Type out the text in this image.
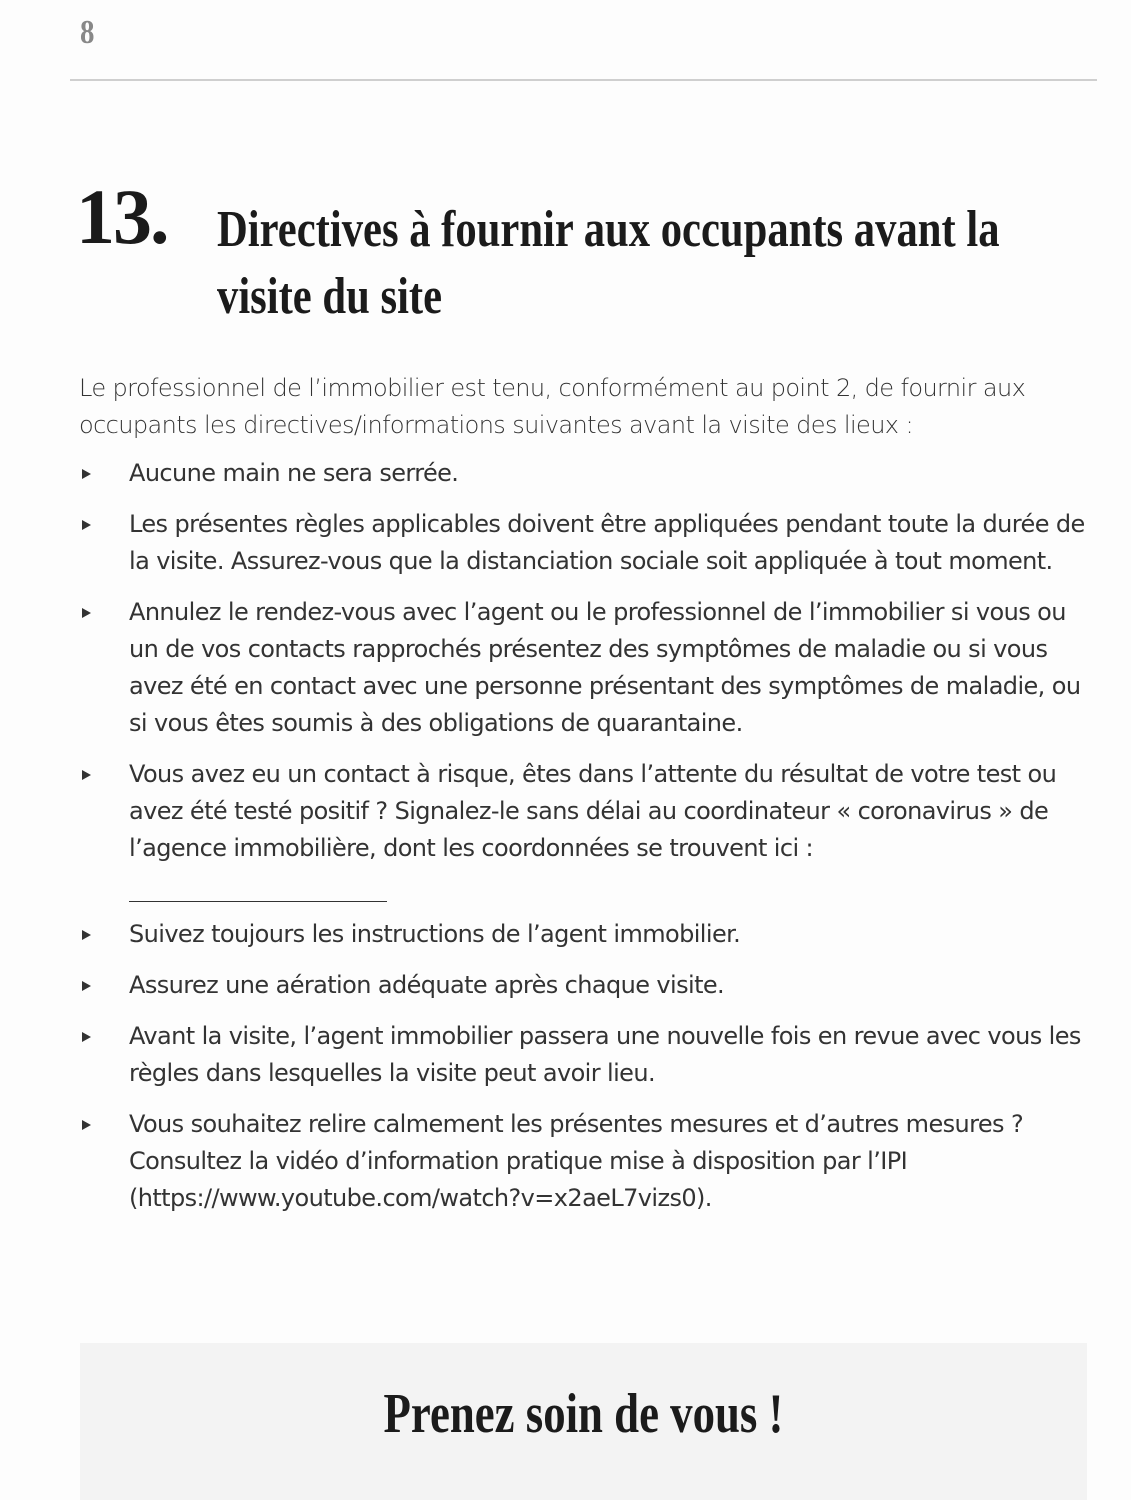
8
13. Directives à fournir aux occupants avant la visite du site

Le professionnel de l’immobilier est tenu, conformément au point 2, de fournir aux occupants les directives/informations suivantes avant la visite des lieux :

Aucune main ne sera serrée.
Les présentes règles applicables doivent être appliquées pendant toute la durée de la visite. Assurez-vous que la distanciation sociale soit appliquée à tout moment.
Annulez le rendez-vous avec l’agent ou le professionnel de l’immobilier si vous ou un de vos contacts rapprochés présentez des symptômes de maladie ou si vous avez été en contact avec une personne présentant des symptômes de maladie, ou si vous êtes soumis à des obligations de quarantaine.
Vous avez eu un contact à risque, êtes dans l’attente du résultat de votre test ou avez été testé positif ? Signalez-le sans délai au coordinateur « coronavirus » de l’agence immobilière, dont les coordonnées se trouvent ici :
Suivez toujours les instructions de l’agent immobilier.
Assurez une aération adéquate après chaque visite.
Avant la visite, l’agent immobilier passera une nouvelle fois en revue avec vous les règles dans lesquelles la visite peut avoir lieu.
Vous souhaitez relire calmement les présentes mesures et d’autres mesures ? Consultez la vidéo d’information pratique mise à disposition par l’IPI (https://www.youtube.com/watch?v=x2aeL7vizs0).
Prenez soin de vous !
